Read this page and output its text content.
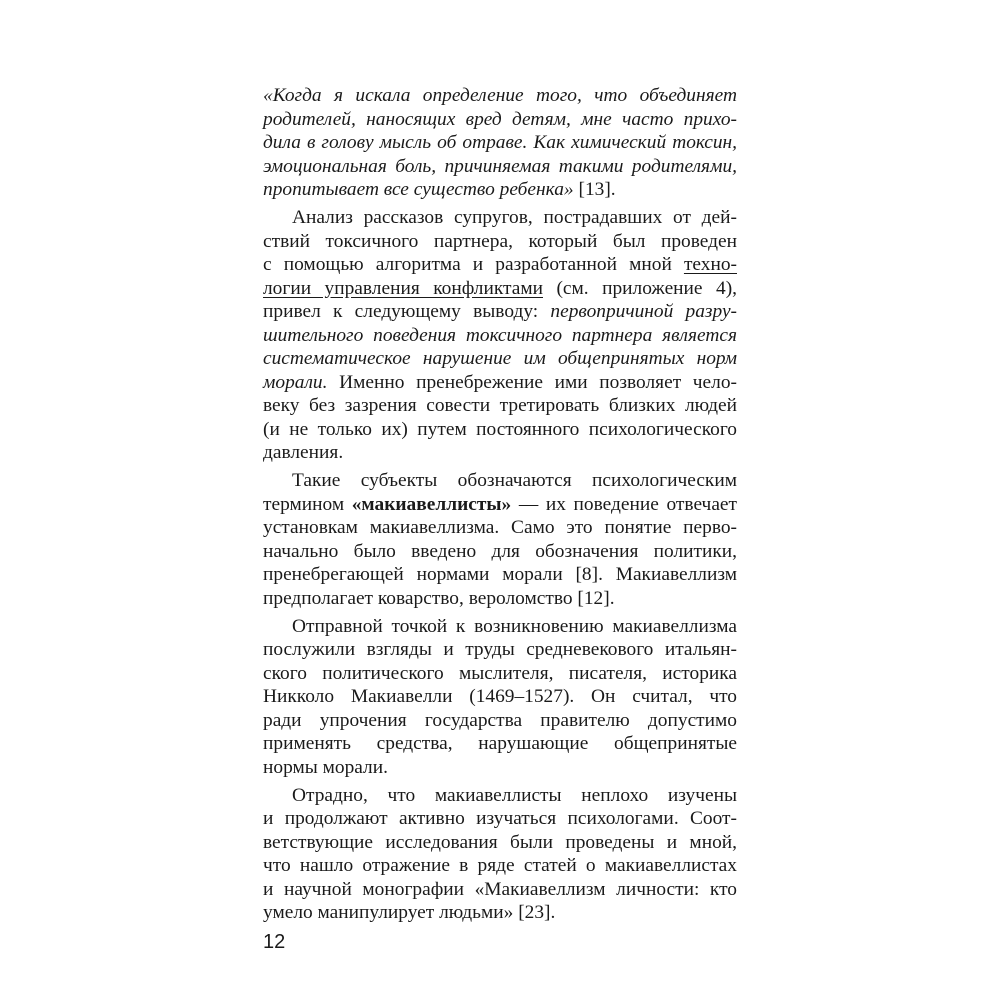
«Когда я искала определение того, что объединяет
родителей, наносящих вред детям, мне часто прихо-
дила в голову мысль об отраве. Как химический токсин,
эмоциональная боль, причиняемая такими родителями,
пропитывает все существо ребенка» [13].
Анализ рассказов супругов, пострадавших от дей-
ствий токсичного партнера, который был проведен
с помощью алгоритма и разработанной мной техно-
логии управления конфликтами (см. приложение 4),
привел к следующему выводу: первопричиной разру-
шительного поведения токсичного партнера является
систематическое нарушение им общепринятых норм
морали. Именно пренебрежение ими позволяет чело-
веку без зазрения совести третировать близких людей
(и не только их) путем постоянного психологического
давления.
Такие субъекты обозначаются психологическим
термином «макиавеллисты» — их поведение отвечает
установкам макиавеллизма. Само это понятие перво-
начально было введено для обозначения политики,
пренебрегающей нормами морали [8]. Макиавеллизм
предполагает коварство, вероломство [12].
Отправной точкой к возникновению макиавеллизма
послужили взгляды и труды средневекового итальян-
ского политического мыслителя, писателя, историка
Никколо Макиавелли (1469–1527). Он считал, что
ради упрочения государства правителю допустимо
применять средства, нарушающие общепринятые
нормы морали.
Отрадно, что макиавеллисты неплохо изучены
и продолжают активно изучаться психологами. Соот-
ветствующие исследования были проведены и мной,
что нашло отражение в ряде статей о макиавеллистах
и научной монографии «Макиавеллизм личности: кто
умело манипулирует людьми» [23].
12
